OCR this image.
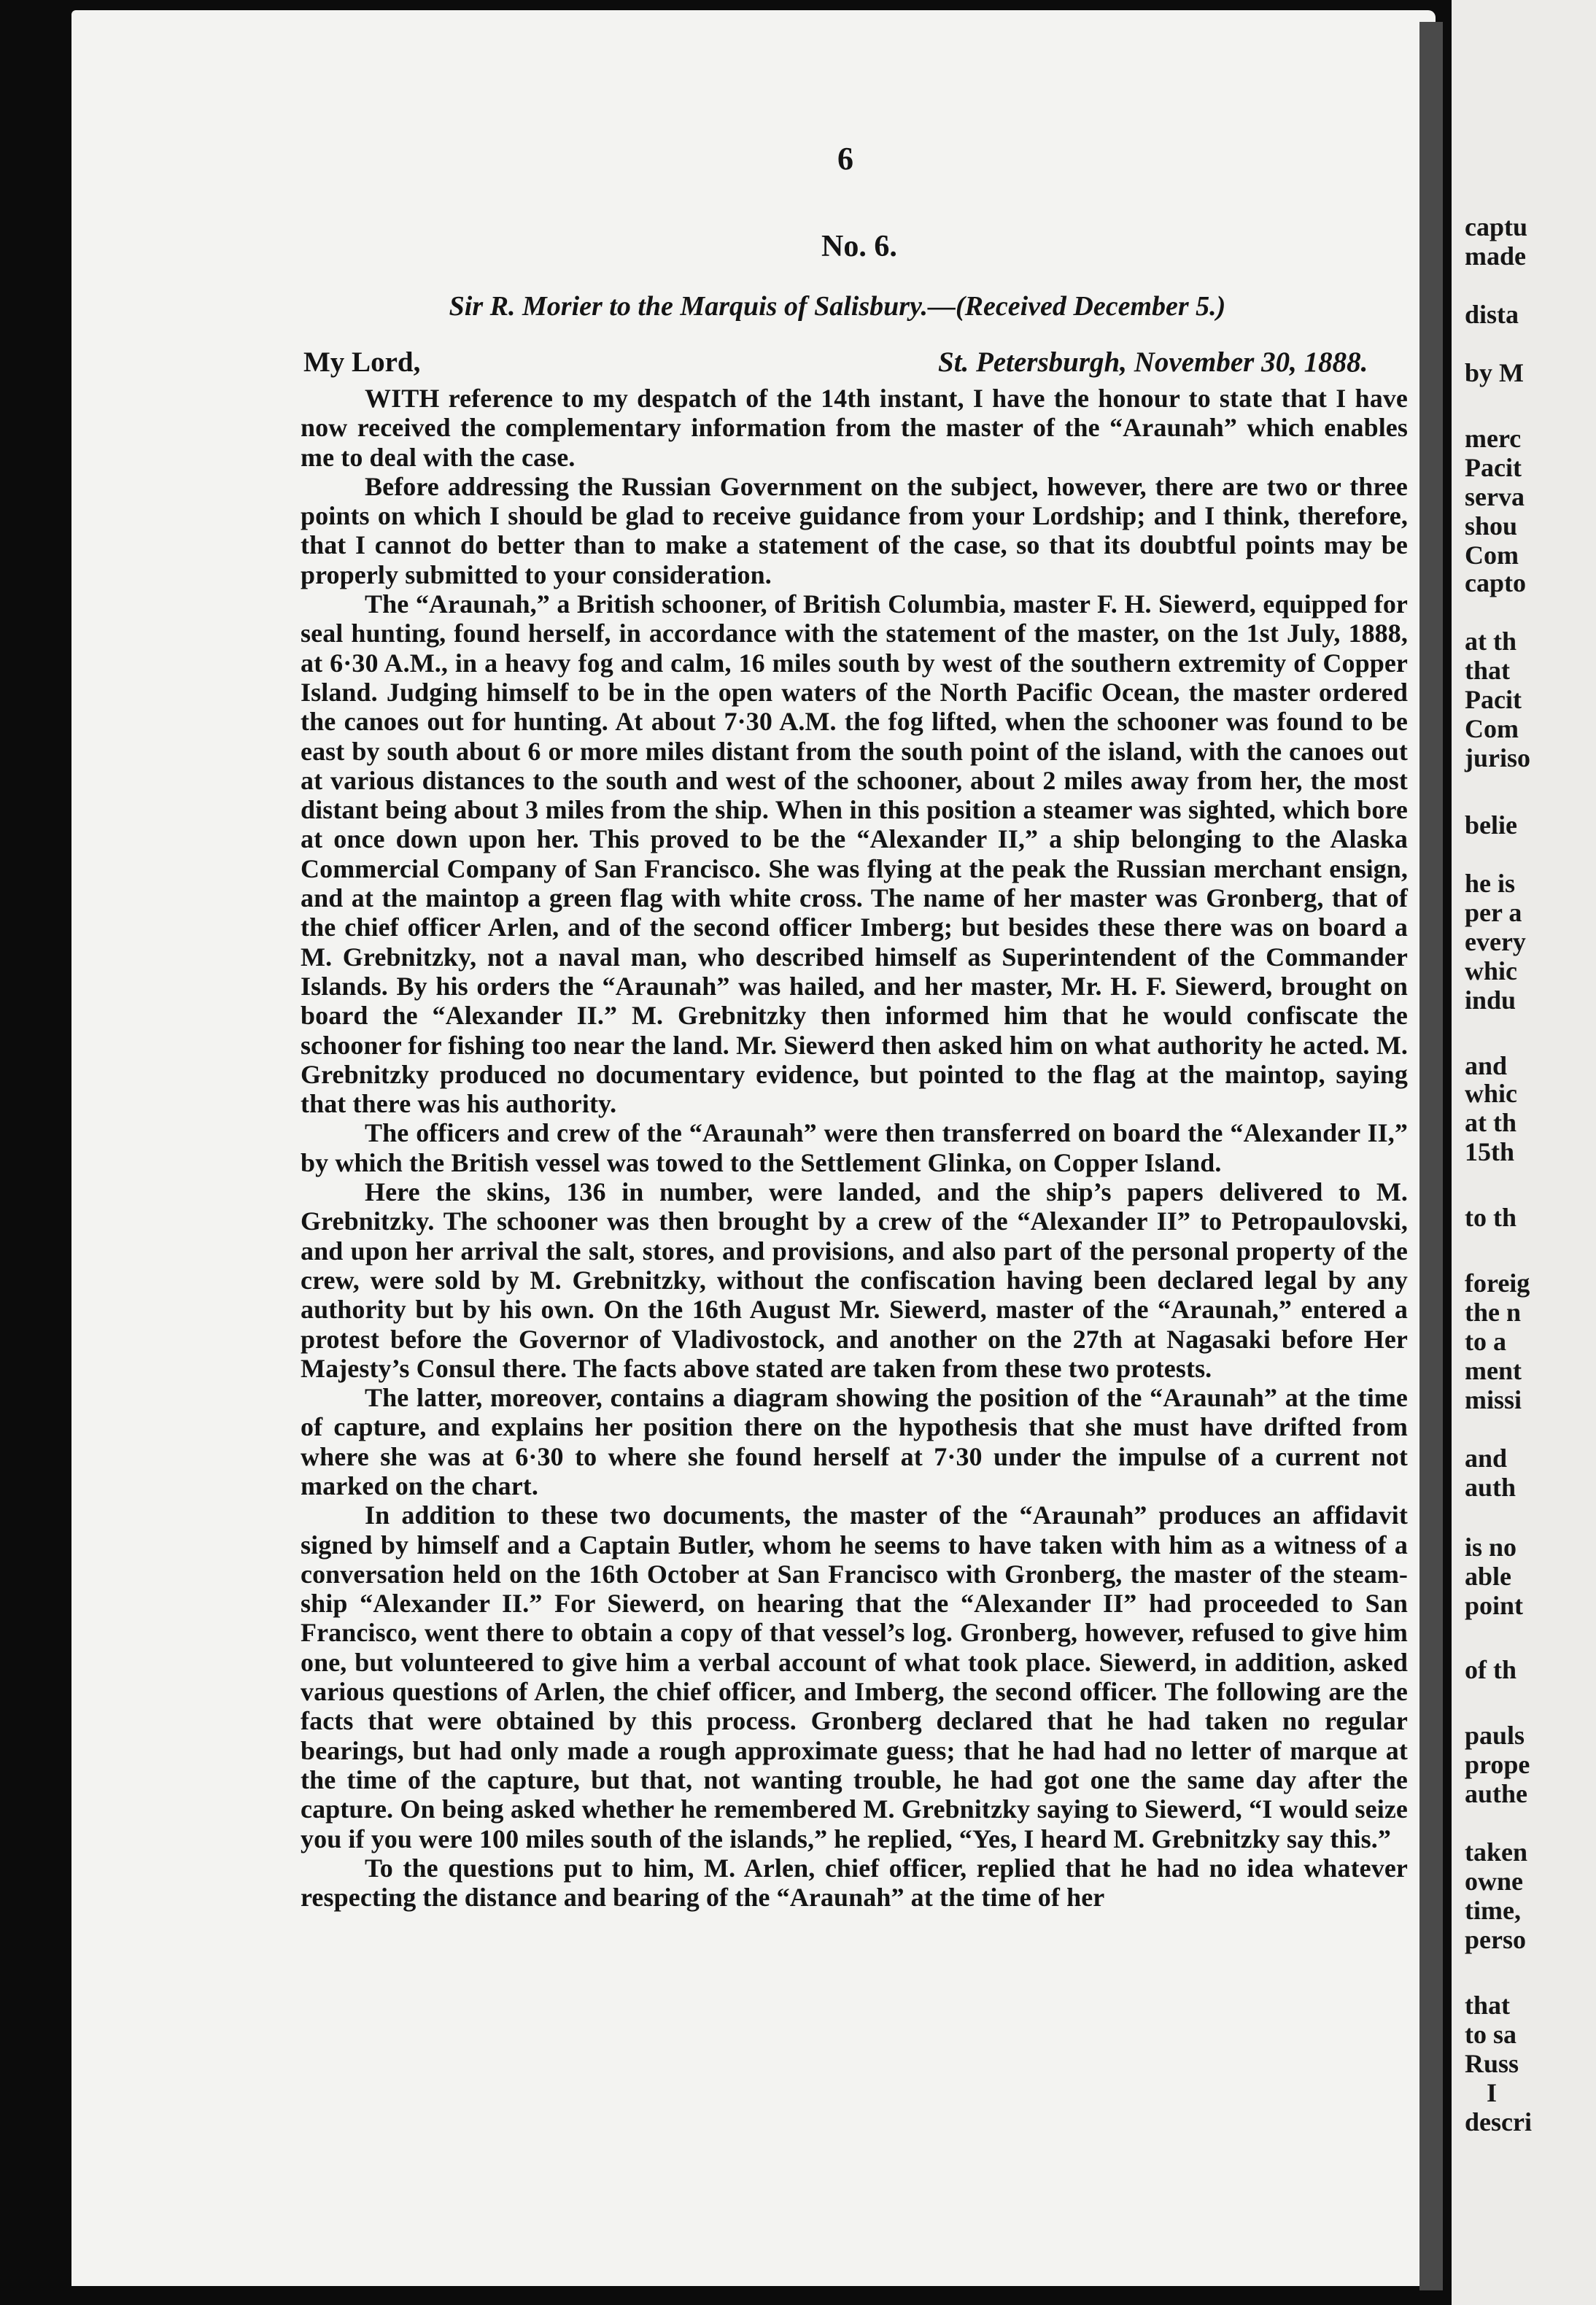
6
No. 6.
Sir R. Morier to the Marquis of Salisbury.—(Received December 5.)
My Lord,	St. Petersburgh, November 30, 1888.

WITH reference to my despatch of the 14th instant, I have the honour to state that I have now received the complementary information from the master of the “Araunah” which enables me to deal with the case.

Before addressing the Russian Government on the subject, however, there are two or three points on which I should be glad to receive guidance from your Lordship; and I think, therefore, that I cannot do better than to make a statement of the case, so that its doubtful points may be properly submitted to your consideration.

The “Araunah,” a British schooner, of British Columbia, master F. H. Siewerd, equipped for seal hunting, found herself, in accordance with the statement of the master, on the 1st July, 1888, at 6·30 A.M., in a heavy fog and calm, 16 miles south by west of the southern extremity of Copper Island. Judging himself to be in the open waters of the North Pacific Ocean, the master ordered the canoes out for hunting. At about 7·30 A.M. the fog lifted, when the schooner was found to be east by south about 6 or more miles distant from the south point of the island, with the canoes out at various distances to the south and west of the schooner, about 2 miles away from her, the most distant being about 3 miles from the ship. When in this position a steamer was sighted, which bore at once down upon her. This proved to be the “Alexander II,” a ship belonging to the Alaska Commercial Company of San Francisco. She was flying at the peak the Russian merchant ensign, and at the maintop a green flag with white cross. The name of her master was Gronberg, that of the chief officer Arlen, and of the second officer Imberg; but besides these there was on board a M. Grebnitzky, not a naval man, who described himself as Superintendent of the Commander Islands. By his orders the “Araunah” was hailed, and her master, Mr. H. F. Siewerd, brought on board the “Alexander II.” M. Grebnitzky then informed him that he would confiscate the schooner for fishing too near the land. Mr. Siewerd then asked him on what authority he acted. M. Grebnitzky produced no documentary evidence, but pointed to the flag at the maintop, saying that there was his authority.

The officers and crew of the “Araunah” were then transferred on board the “Alexander II,” by which the British vessel was towed to the Settlement Glinka, on Copper Island.

Here the skins, 136 in number, were landed, and the ship’s papers delivered to M. Grebnitzky. The schooner was then brought by a crew of the “Alexander II” to Petropaulovski, and upon her arrival the salt, stores, and provisions, and also part of the personal property of the crew, were sold by M. Grebnitzky, without the confiscation having been declared legal by any authority but by his own. On the 16th August Mr. Siewerd, master of the “Araunah,” entered a protest before the Governor of Vladivostock, and another on the 27th at Nagasaki before Her Majesty’s Consul there. The facts above stated are taken from these two protests.

The latter, moreover, contains a diagram showing the position of the “Araunah” at the time of capture, and explains her position there on the hypothesis that she must have drifted from where she was at 6·30 to where she found herself at 7·30 under the impulse of a current not marked on the chart.

In addition to these two documents, the master of the “Araunah” produces an affidavit signed by himself and a Captain Butler, whom he seems to have taken with him as a witness of a conversation held on the 16th October at San Francisco with Gronberg, the master of the steam-ship “Alexander II.” For Siewerd, on hearing that the “Alexander II” had proceeded to San Francisco, went there to obtain a copy of that vessel’s log. Gronberg, however, refused to give him one, but volunteered to give him a verbal account of what took place. Siewerd, in addition, asked various questions of Arlen, the chief officer, and Imberg, the second officer. The following are the facts that were obtained by this process. Gronberg declared that he had taken no regular bearings, but had only made a rough approximate guess; that he had had no letter of marque at the time of the capture, but that, not wanting trouble, he had got one the same day after the capture. On being asked whether he remembered M. Grebnitzky saying to Siewerd, “I would seize you if you were 100 miles south of the islands,” he replied, “Yes, I heard M. Grebnitzky say this.”

To the questions put to him, M. Arlen, chief officer, replied that he had no idea whatever respecting the distance and bearing of the “Araunah” at the time of her

captu
made
dista
by M
merc
Pacit
serva
shou
Com
capto
at th
that
Pacit
Com
juriso
belie
he is
per a
every
whic
indu
and
whic
at th
15th
to th
foreig
the n
to a
ment
missi
and
auth
is no
able
point
of th
pauls
prope
authe
taken
owne
time,
perso
that
to sa
Russ
I
descri
